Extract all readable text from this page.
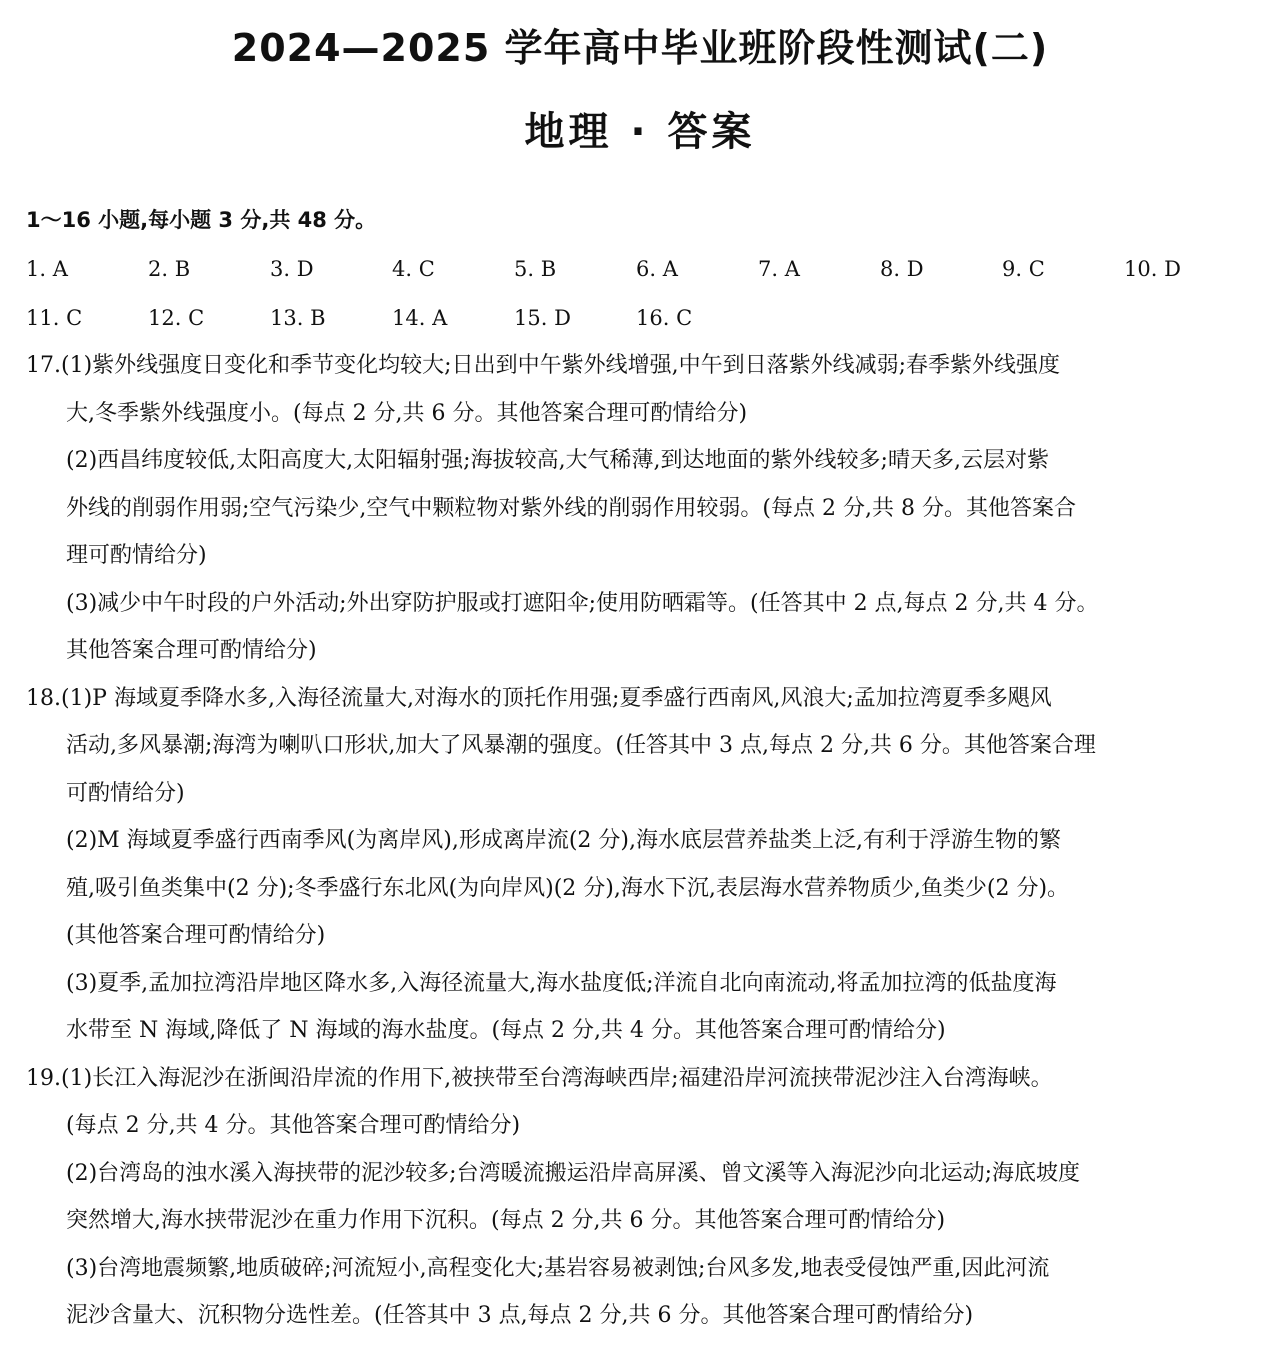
2024—2025 学年高中毕业班阶段性测试(二)
地理 · 答案
1～16 小题,每小题 3 分,共 48 分。
1. A	2. B	3. D	4. C	5. B	6. A	7. A	8. D	9. C	10. D
11. C	12. C	13. B	14. A	15. D	16. C
17.(1)紫外线强度日变化和季节变化均较大;日出到中午紫外线增强,中午到日落紫外线减弱;春季紫外线强度
大,冬季紫外线强度小。(每点 2 分,共 6 分。其他答案合理可酌情给分)
(2)西昌纬度较低,太阳高度大,太阳辐射强;海拔较高,大气稀薄,到达地面的紫外线较多;晴天多,云层对紫
外线的削弱作用弱;空气污染少,空气中颗粒物对紫外线的削弱作用较弱。(每点 2 分,共 8 分。其他答案合
理可酌情给分)
(3)减少中午时段的户外活动;外出穿防护服或打遮阳伞;使用防晒霜等。(任答其中 2 点,每点 2 分,共 4 分。
其他答案合理可酌情给分)
18.(1)P 海域夏季降水多,入海径流量大,对海水的顶托作用强;夏季盛行西南风,风浪大;孟加拉湾夏季多飓风
活动,多风暴潮;海湾为喇叭口形状,加大了风暴潮的强度。(任答其中 3 点,每点 2 分,共 6 分。其他答案合理
可酌情给分)
(2)M 海域夏季盛行西南季风(为离岸风),形成离岸流(2 分),海水底层营养盐类上泛,有利于浮游生物的繁
殖,吸引鱼类集中(2 分);冬季盛行东北风(为向岸风)(2 分),海水下沉,表层海水营养物质少,鱼类少(2 分)。
(其他答案合理可酌情给分)
(3)夏季,孟加拉湾沿岸地区降水多,入海径流量大,海水盐度低;洋流自北向南流动,将孟加拉湾的低盐度海
水带至 N 海域,降低了 N 海域的海水盐度。(每点 2 分,共 4 分。其他答案合理可酌情给分)
19.(1)长江入海泥沙在浙闽沿岸流的作用下,被挟带至台湾海峡西岸;福建沿岸河流挟带泥沙注入台湾海峡。
(每点 2 分,共 4 分。其他答案合理可酌情给分)
(2)台湾岛的浊水溪入海挟带的泥沙较多;台湾暖流搬运沿岸高屏溪、曾文溪等入海泥沙向北运动;海底坡度
突然增大,海水挟带泥沙在重力作用下沉积。(每点 2 分,共 6 分。其他答案合理可酌情给分)
(3)台湾地震频繁,地质破碎;河流短小,高程变化大;基岩容易被剥蚀;台风多发,地表受侵蚀严重,因此河流
泥沙含量大、沉积物分选性差。(任答其中 3 点,每点 2 分,共 6 分。其他答案合理可酌情给分)
